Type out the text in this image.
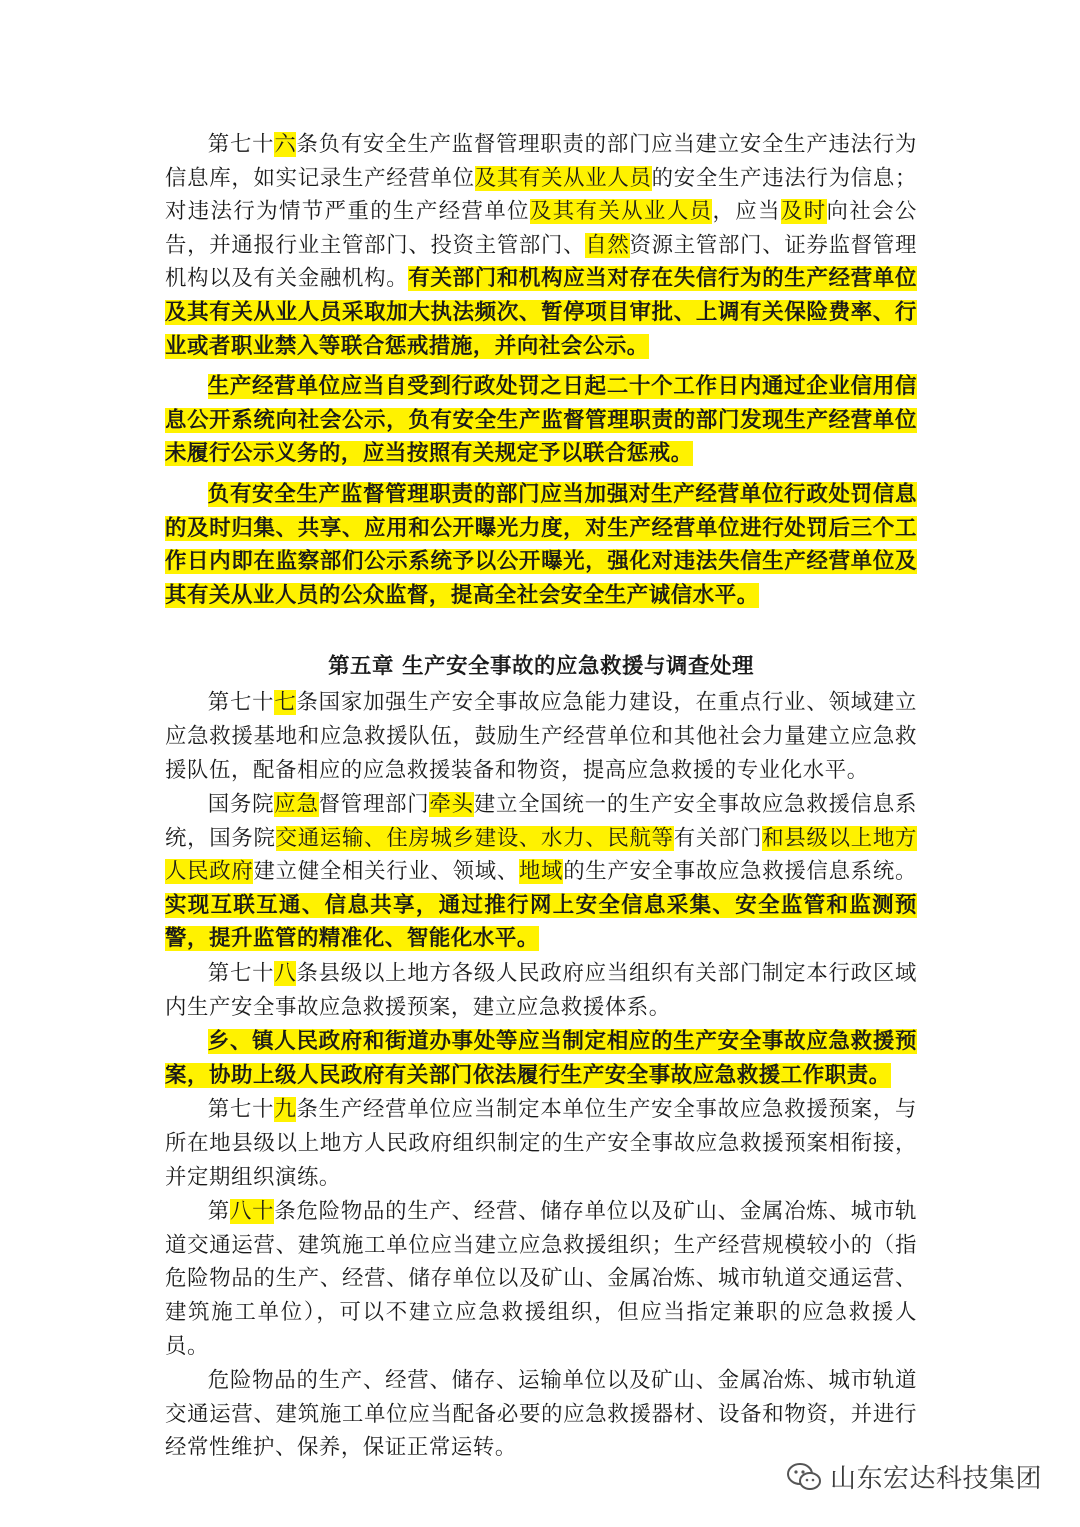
第七十六条负有安全生产监督管理职责的部门应当建立安全生产违法行为信息库，如实记录生产经营单位及其有关从业人员的安全生产违法行为信息；对违法行为情节严重的生产经营单位及其有关从业人员，应当及时向社会公告，并通报行业主管部门、投资主管部门、自然资源主管部门、证券监督管理机构以及有关金融机构。有关部门和机构应当对存在失信行为的生产经营单位及其有关从业人员采取加大执法频次、暂停项目审批、上调有关保险费率、行业或者职业禁入等联合惩戒措施，并向社会公示。

生产经营单位应当自受到行政处罚之日起二十个工作日内通过企业信用信息公开系统向社会公示，负有安全生产监督管理职责的部门发现生产经营单位未履行公示义务的，应当按照有关规定予以联合惩戒。

负有安全生产监督管理职责的部门应当加强对生产经营单位行政处罚信息的及时归集、共享、应用和公开曝光力度，对生产经营单位进行处罚后三个工作日内即在监察部们公示系统予以公开曝光，强化对违法失信生产经营单位及其有关从业人员的公众监督，提高全社会安全生产诚信水平。

第五章 生产安全事故的应急救援与调查处理

第七十七条国家加强生产安全事故应急能力建设，在重点行业、领域建立应急救援基地和应急救援队伍，鼓励生产经营单位和其他社会力量建立应急救援队伍，配备相应的应急救援装备和物资，提高应急救援的专业化水平。

国务院应急督管理部门牵头建立全国统一的生产安全事故应急救援信息系统，国务院交通运输、住房城乡建设、水力、民航等有关部门和县级以上地方人民政府建立健全相关行业、领域、地域的生产安全事故应急救援信息系统。实现互联互通、信息共享，通过推行网上安全信息采集、安全监管和监测预警，提升监管的精准化、智能化水平。

第七十八条县级以上地方各级人民政府应当组织有关部门制定本行政区域内生产安全事故应急救援预案，建立应急救援体系。

乡、镇人民政府和街道办事处等应当制定相应的生产安全事故应急救援预案，协助上级人民政府有关部门依法履行生产安全事故应急救援工作职责。

第七十九条生产经营单位应当制定本单位生产安全事故应急救援预案，与所在地县级以上地方人民政府组织制定的生产安全事故应急救援预案相衔接，并定期组织演练。

第八十条危险物品的生产、经营、储存单位以及矿山、金属冶炼、城市轨道交通运营、建筑施工单位应当建立应急救援组织；生产经营规模较小的（指危险物品的生产、经营、储存单位以及矿山、金属冶炼、城市轨道交通运营、建筑施工单位），可以不建立应急救援组织，但应当指定兼职的应急救援人员。

危险物品的生产、经营、储存、运输单位以及矿山、金属冶炼、城市轨道交通运营、建筑施工单位应当配备必要的应急救援器材、设备和物资，并进行经常性维护、保养，保证正常运转。

山东宏达科技集团
